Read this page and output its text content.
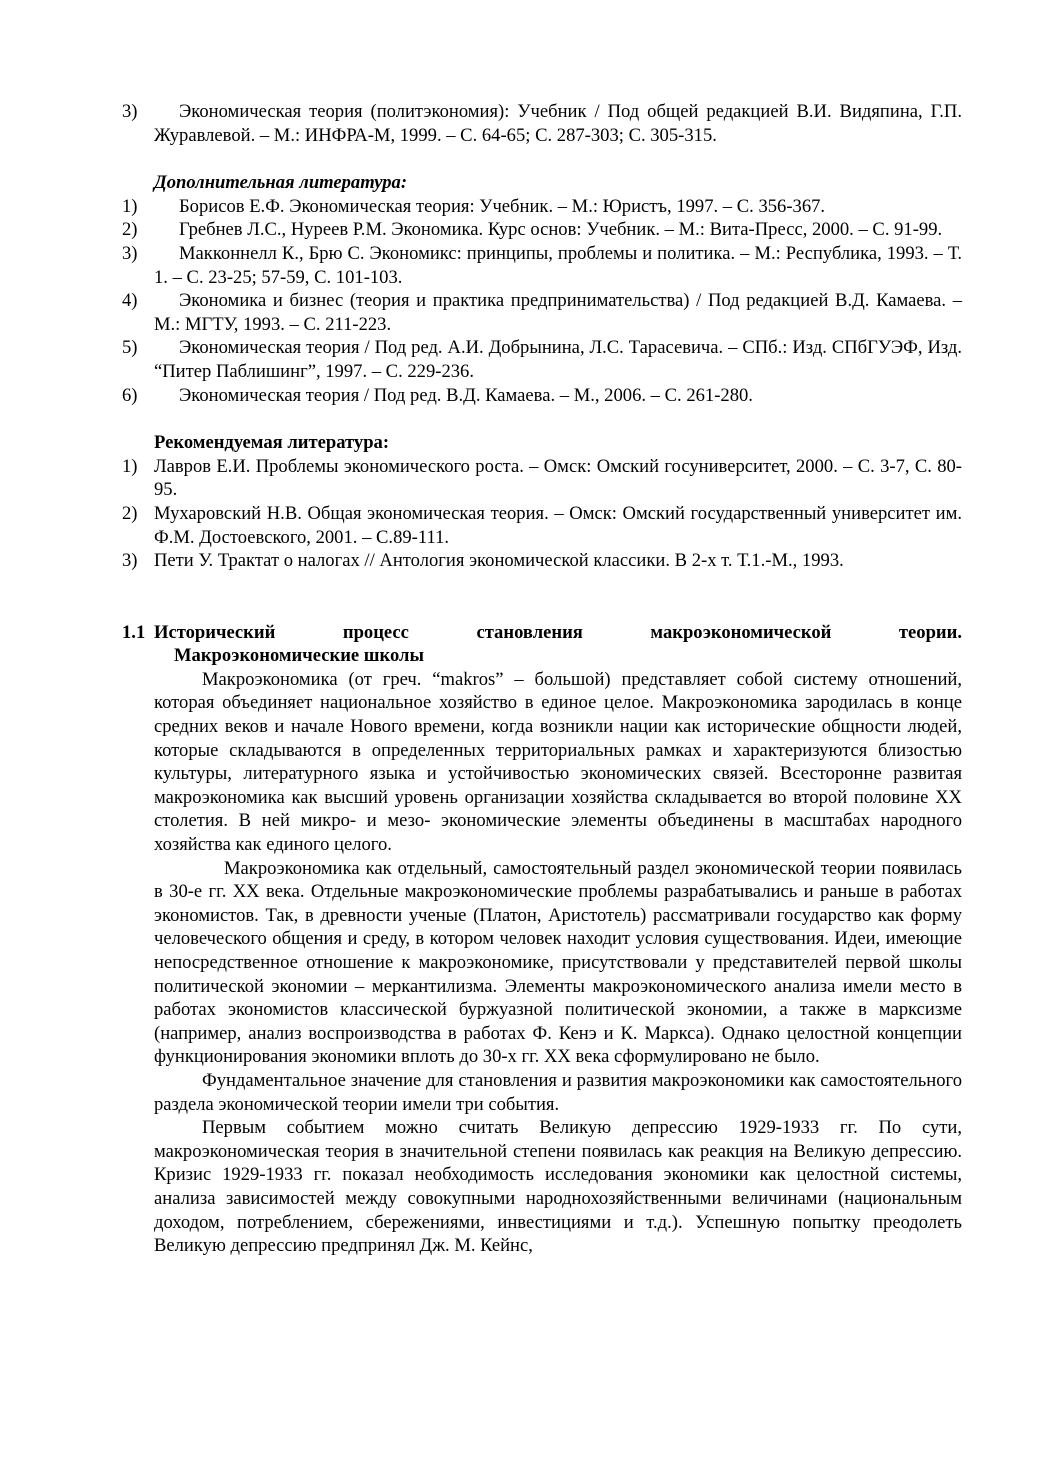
3)	Экономическая теория (политэкономия): Учебник / Под общей редакцией В.И. Видяпина, Г.П. Журавлевой. – М.: ИНФРА-М, 1999. – С. 64-65; С. 287-303; С. 305-315.
Дополнительная литература:
1)	Борисов Е.Ф. Экономическая теория: Учебник. – М.: Юристъ, 1997. – С. 356-367.
2)	Гребнев Л.С., Нуреев Р.М. Экономика. Курс основ: Учебник. – М.: Вита-Пресс, 2000. – С. 91-99.
3)	Макконнелл К., Брю С. Экономикс: принципы, проблемы и политика. – М.: Республика, 1993. – Т. 1. – С. 23-25; 57-59, С. 101-103.
4)	Экономика и бизнес (теория и практика предпринимательства) / Под редакцией В.Д. Камаева. – М.: МГТУ, 1993. – С. 211-223.
5)	Экономическая теория / Под ред. А.И. Добрынина, Л.С. Тарасевича. – СПб.: Изд. СПбГУЭФ, Изд. “Питер Паблишинг”, 1997. – С. 229-236.
6)	Экономическая теория / Под ред. В.Д. Камаева. – М., 2006. – С. 261-280.
Рекомендуемая литература:
1) Лавров Е.И. Проблемы экономического роста. – Омск: Омский госуниверситет, 2000. – С. 3-7, С. 80-95.
2) Мухаровский Н.В. Общая экономическая теория. – Омск: Омский государственный университет им. Ф.М. Достоевского, 2001. – С.89-111.
3) Пети У. Трактат о налогах // Антология экономической классики. В 2-х т. Т.1.-М., 1993.
1.1 Исторический процесс становления макроэкономической теории.
Макроэкономические школы
Макроэкономика (от греч. “makros” – большой) представляет собой систему отношений, которая объединяет национальное хозяйство в единое целое. Макроэкономика зародилась в конце средних веков и начале Нового времени, когда возникли нации как исторические общности людей, которые складываются в определенных территориальных рамках и характеризуются близостью культуры, литературного языка и устойчивостью экономических связей. Всесторонне развитая макроэкономика как высший уровень организации хозяйства складывается во второй половине XX столетия. В ней микро- и мезо- экономические элементы объединены в масштабах народного хозяйства как единого целого.
Макроэкономика как отдельный, самостоятельный раздел экономической теории появилась в 30-е гг. XX века. Отдельные макроэкономические проблемы разрабатывались и раньше в работах экономистов. Так, в древности ученые (Платон, Аристотель) рассматривали государство как форму человеческого общения и среду, в котором человек находит условия существования. Идеи, имеющие непосредственное отношение к макроэкономике, присутствовали у представителей первой школы политической экономии – меркантилизма. Элементы макроэкономического анализа имели место в работах экономистов классической буржуазной политической экономии, а также в марксизме (например, анализ воспроизводства в работах Ф. Кенэ и К. Маркса). Однако целостной концепции функционирования экономики вплоть до 30-х гг. XX века сформулировано не было.
Фундаментальное значение для становления и развития макроэкономики как самостоятельного раздела экономической теории имели три события.
Первым событием можно считать Великую депрессию 1929-1933 гг. По сути, макроэкономическая теория в значительной степени появилась как реакция на Великую депрессию. Кризис 1929-1933 гг. показал необходимость исследования экономики как целостной системы, анализа зависимостей между совокупными народнохозяйственными величинами (национальным доходом, потреблением, сбережениями, инвестициями и т.д.). Успешную попытку преодолеть Великую депрессию предпринял Дж. М. Кейнс,
